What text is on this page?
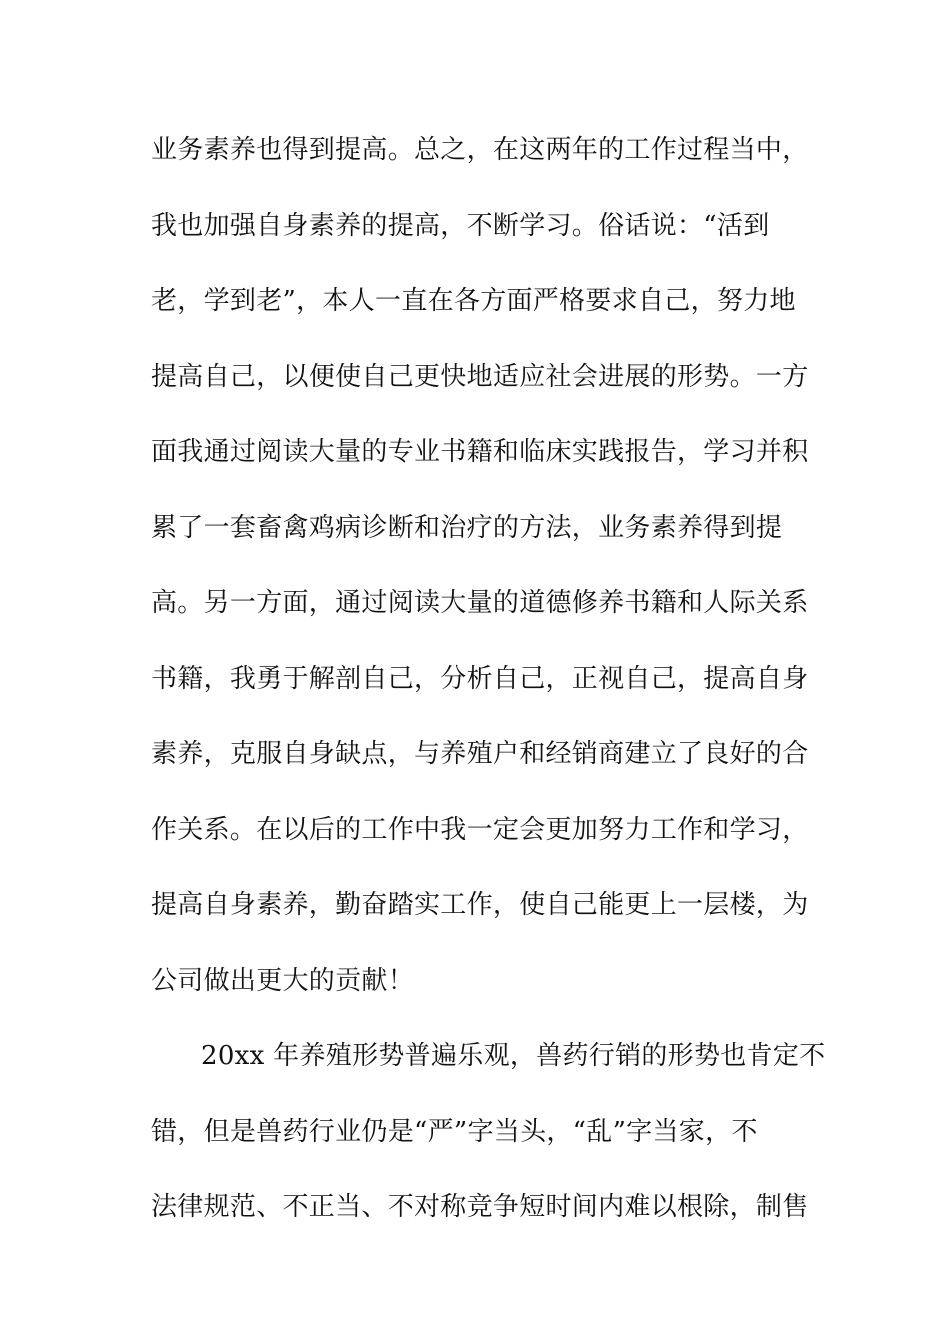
业务素养也得到提高。总之，在这两年的工作过程当中，
我也加强自身素养的提高，不断学习。俗话说：“活到
老，学到老”，本人一直在各方面严格要求自己，努力地
提高自己，以便使自己更快地适应社会进展的形势。一方
面我通过阅读大量的专业书籍和临床实践报告，学习并积
累了一套畜禽鸡病诊断和治疗的方法，业务素养得到提
高。另一方面，通过阅读大量的道德修养书籍和人际关系
书籍，我勇于解剖自己，分析自己，正视自己，提高自身
素养，克服自身缺点，与养殖户和经销商建立了良好的合
作关系。在以后的工作中我一定会更加努力工作和学习，
提高自身素养，勤奋踏实工作，使自己能更上一层楼，为
公司做出更大的贡献！
20xx 年养殖形势普遍乐观，兽药行销的形势也肯定不
错，但是兽药行业仍是“严”字当头，“乱”字当家，不
法律规范、不正当、不对称竞争短时间内难以根除，制售
